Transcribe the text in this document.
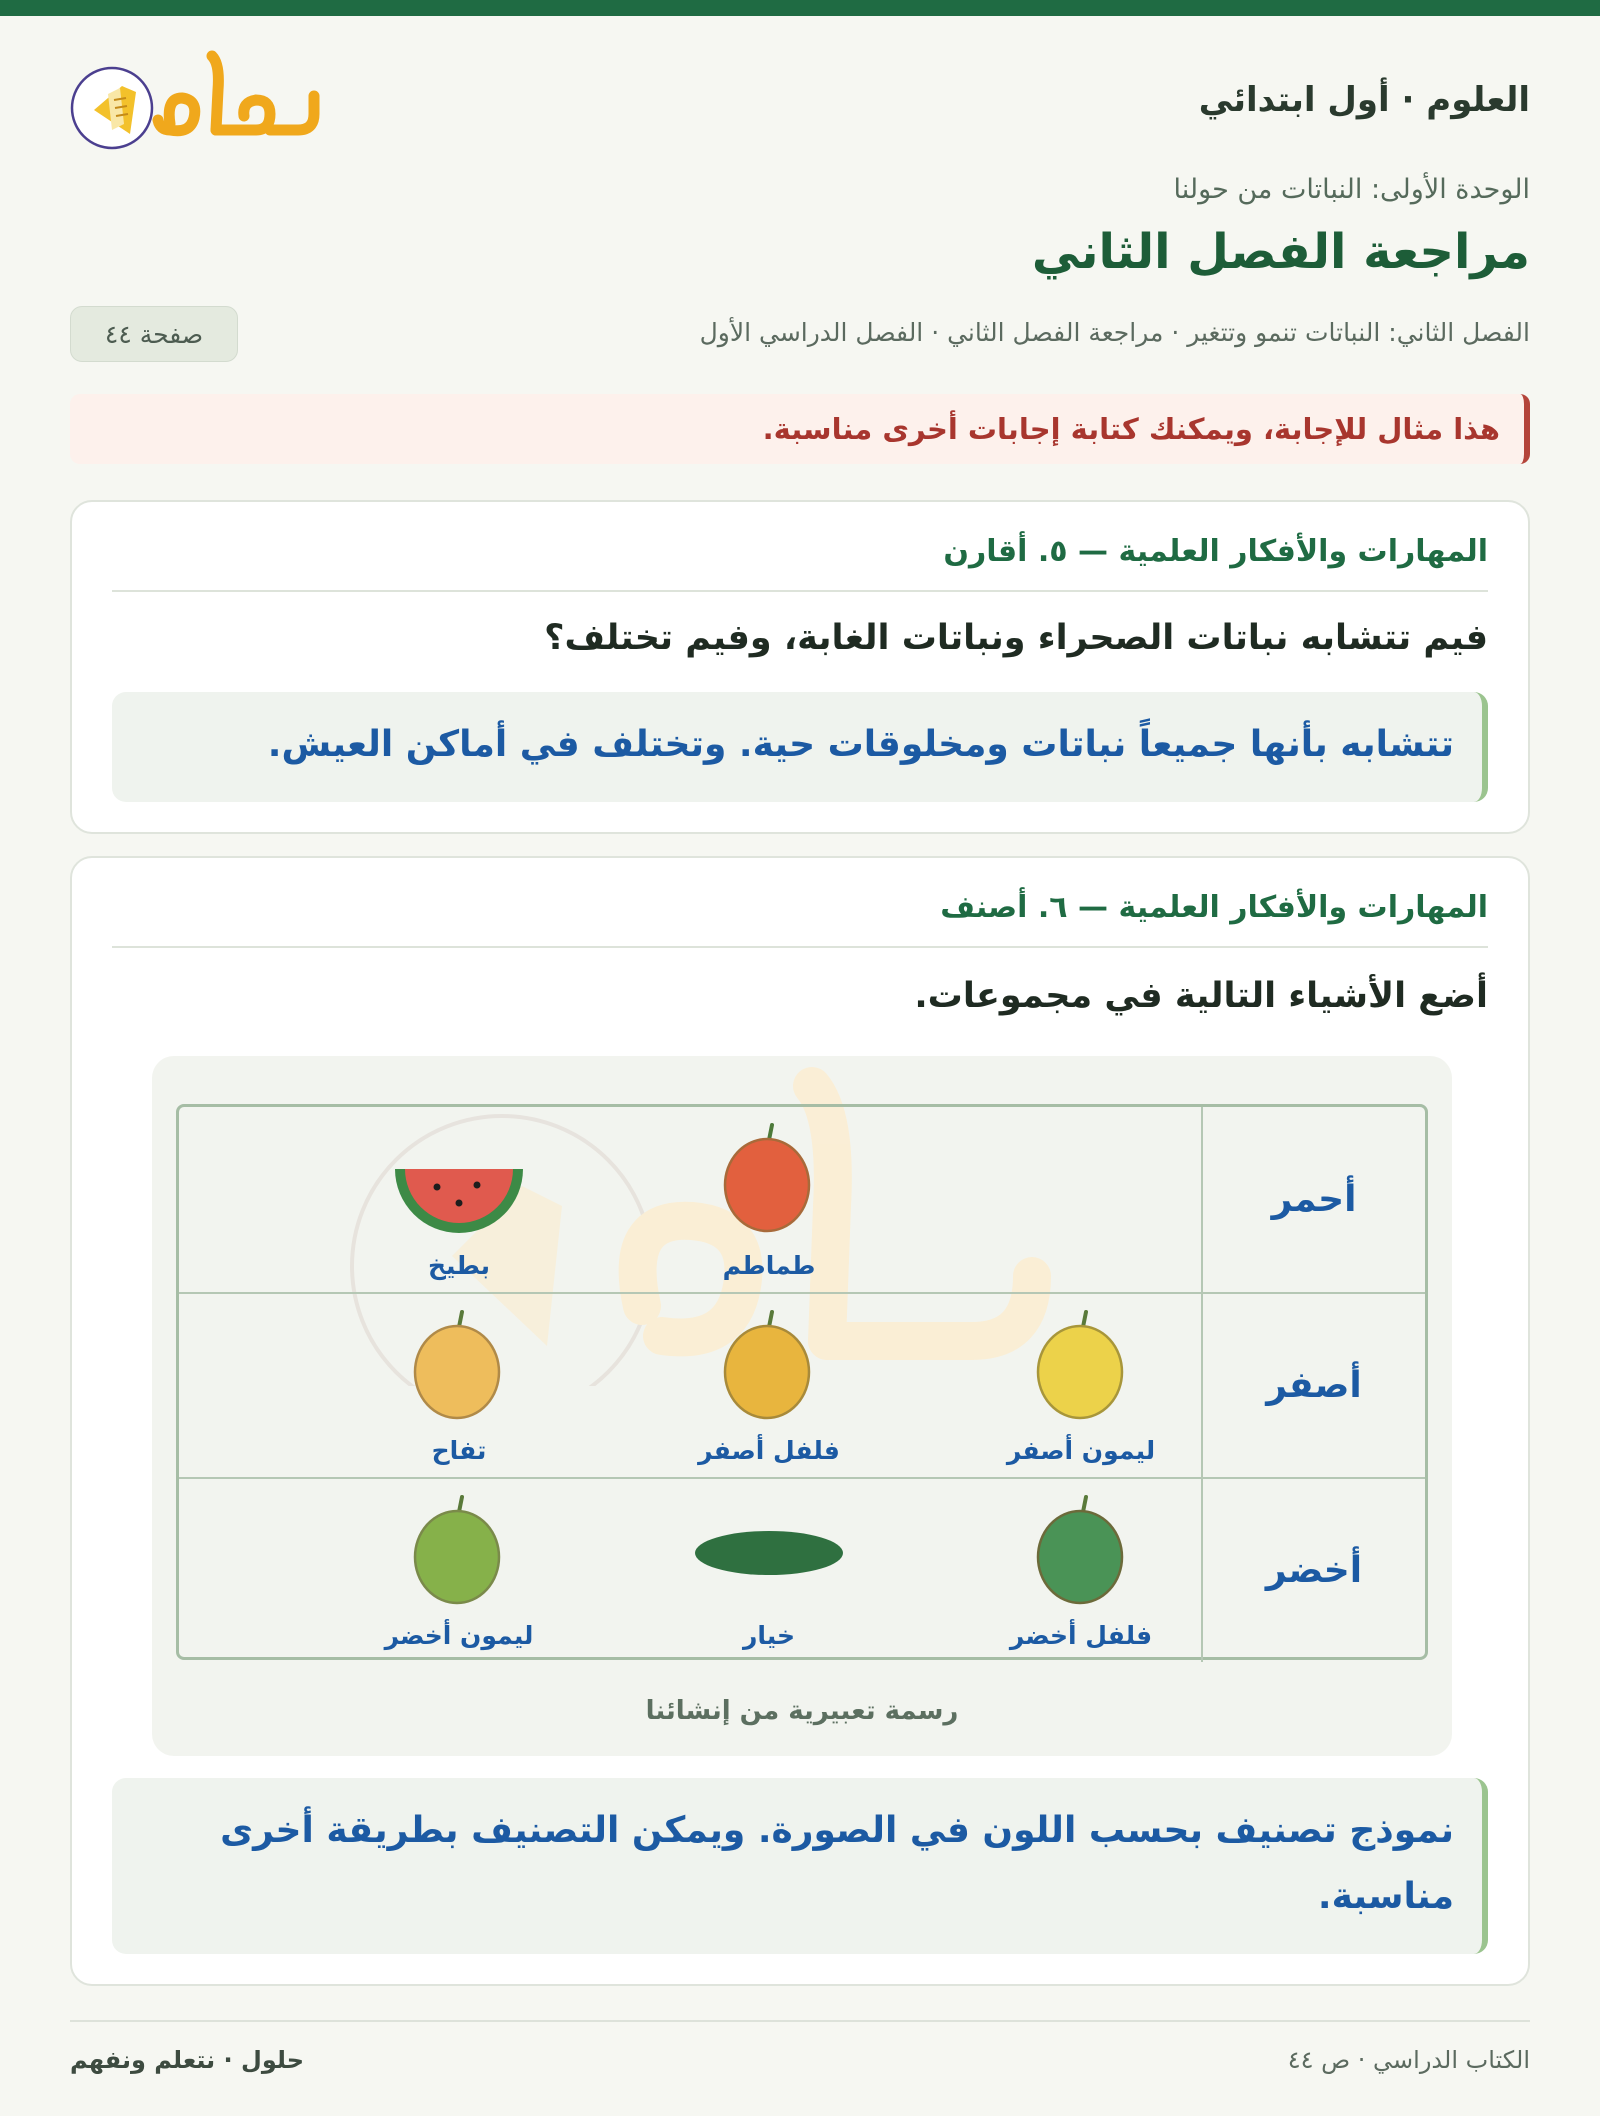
العلوم · أول ابتدائي
الوحدة الأولى: النباتات من حولنا
مراجعة الفصل الثاني
الفصل الثاني: النباتات تنمو وتتغير · مراجعة الفصل الثاني · الفصل الدراسي الأول
صفحة ٤٤
هذا مثال للإجابة، ويمكنك كتابة إجابات أخرى مناسبة.
المهارات والأفكار العلمية — ٥. أقارن
فيم تتشابه نباتات الصحراء ونباتات الغابة، وفيم تختلف؟
تتشابه بأنها جميعاً نباتات ومخلوقات حية. وتختلف في أماكن العيش.
المهارات والأفكار العلمية — ٦. أصنف
أضع الأشياء التالية في مجموعات.
أحمر
طماطم
بطيخ
أصفر
ليمون أصفر
فلفل أصفر
تفاح
أخضر
فلفل أخضر
خيار
ليمون أخضر
رسمة تعبيرية من إنشائنا
نموذج تصنيف بحسب اللون في الصورة. ويمكن التصنيف بطريقة أخرى مناسبة.
الكتاب الدراسي · ص ٤٤
حلول · نتعلم ونفهم
